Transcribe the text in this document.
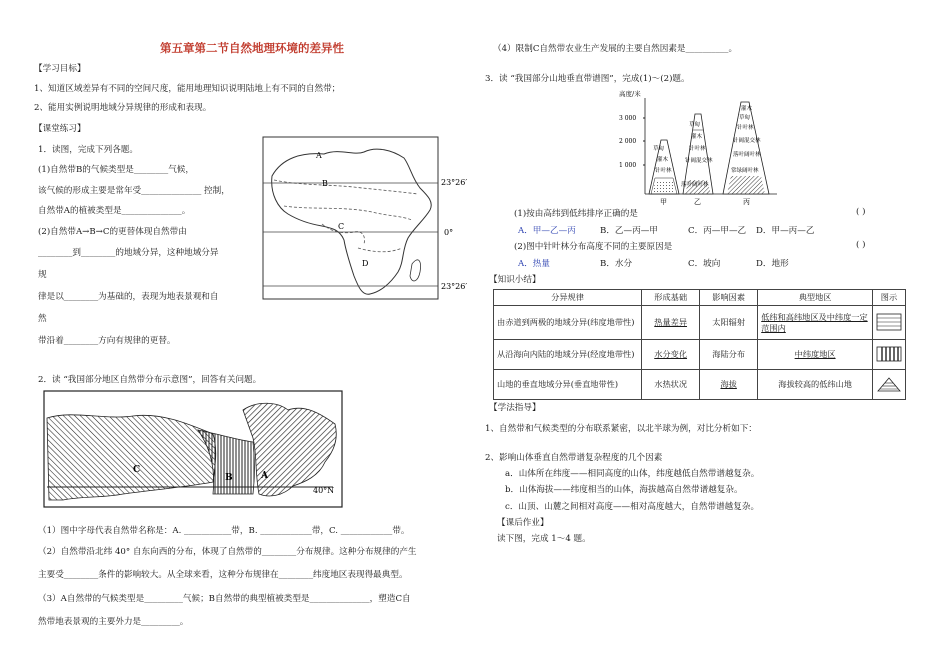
第五章第二节自然地理环境的差异性
【学习目标】
1、知道区域差异有不同的空间尺度，能用地理知识说明陆地上有不同的自然带；
2、能用实例说明地域分异规律的形成和表现。
【课堂练习】
1．读图，完成下列各题。
(1)自然带B的气候类型是________气候，
该气候的形成主要是常年受______________ 控制，
自然带A的植被类型是______________。
(2)自然带A→B→C的更替体现自然带由
________到________的地域分异，这种地域分异
规
律是以________为基础的，表现为地表景观和自
然
带沿着________方向有规律的更替。
2．读 “我国部分地区自然带分布示意图”，回答有关问题。
A
B
C
D
23°26′
0°
23°26′
C
B	A
40°N
（1）图中字母代表自然带名称是：A. ___________带，B. ____________带，C. ____________带。
（2）自然带沿北纬 40° 自东向西的分布，体现了自然带的________分布规律。这种分布规律的产生
主要受________条件的影响较大。从全球来看，这种分布规律在________纬度地区表现得最典型。
（3）A自然带的气候类型是_________气候；B自然带的典型植被类型是______________，塑造C自
然带地表景观的主要外力是_________。
（4）限制C自然带农业生产发展的主要自然因素是__________。
3．读 “我国部分山地垂直带谱图”，完成(1)～(2)题。
高度/米
3 000
2 000
1 000
草甸
灌木
针叶林
草甸
灌木
针叶林
针阔混交林
落叶阔叶林
灌木
草甸
针叶林
针阔混交林
落叶阔叶林
常绿阔叶林
甲	乙	丙
(1)按由高纬到低纬排序正确的是	( )
A．甲—乙—丙	B．乙—丙—甲	C．丙—甲—乙 D．甲—丙—乙
(2)图中针叶林分布高度不同的主要原因是	( )
A．热量	B．水分	C．坡向	D．地形
【知识小结】
分异规律	形成基础	影响因素	典型地区	图示
由赤道到两极的地域分异(纬度地带性)	热量差异	太阳辐射	低纬和高纬地区及中纬度一定范围内	
从沿海向内陆的地域分异(经度地带性)	水分变化	海陆分布	中纬度地区	
山地的垂直地域分异(垂直地带性)	水热状况	海拔	海拔较高的低纬山地	
【学法指导】
1、自然带和气候类型的分布联系紧密，以北半球为例，对比分析如下：
2、影响山体垂直自然带谱复杂程度的几个因素
a．山体所在纬度——相同高度的山体，纬度越低自然带谱越复杂。
b．山体海拔——纬度相当的山体，海拔越高自然带谱越复杂。
c．山顶、山麓之间相对高度——相对高度越大，自然带谱越复杂。
【课后作业】
读下图，完成 1～4 题。
